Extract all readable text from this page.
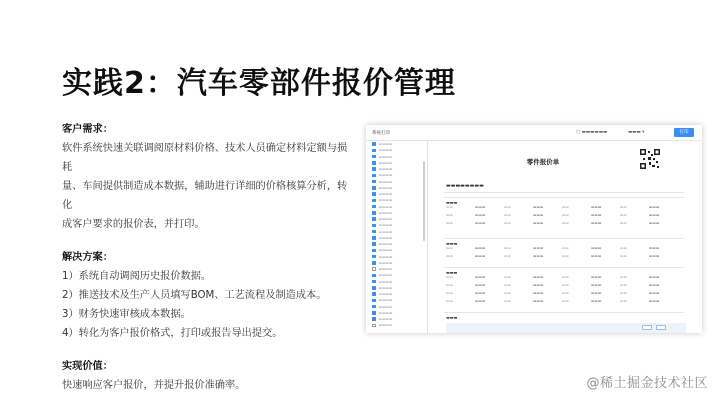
实践2：汽车零部件报价管理
客户需求：
软件系统快速关联调阅原材料价格、技术人员确定材料定额与损耗
量、车间提供制造成本数据，辅助进行详细的价格核算分析，转化
成客户要求的报价表，并打印。
解决方案：
1）系统自动调阅历史报价数据。
2）推送技术及生产人员填写BOM、工艺流程及制造成本。
3）财务快速审核成本数据。
4）转化为客户报价格式，打印或报告导出提交。
实现价值：
快速响应客户报价，并提升报价准确率。
系统打印	▢ ▬▬▬▬▬▬	▬▬▬ ▾	打印
▬▬▬▬
▬▬▬▬
▬▬▬▬
▬▬▬▬
▬▬▬▬
▬▬▬▬
▬▬▬▬
▬▬▬▬
▬▬▬▬
▬▬▬▬
▬▬▬▬
▬▬▬▬
▬▬▬▬
▬▬▬▬
▬▬▬▬
▬▬▬▬
▬▬▬▬
▬▬▬▬
▬▬▬▬
▬▬▬▬
▬▬▬▬
▬▬▬▬
▬▬▬▬
▬▬▬▬
▬▬▬▬
▬▬▬▬
▬▬▬▬
▬▬▬▬
▬▬▬▬
▬▬▬▬
零件报价单
▬▬▬▬▬▬▬▬
▬▬▬
▬▬	▬▬▬	▬▬	▬▬▬	▬▬	▬▬▬	▬▬	▬▬▬
▬▬	▬▬▬	▬▬	▬▬▬	▬▬	▬▬▬	▬▬	▬▬▬
▬▬	▬▬▬	▬▬	▬▬▬	▬▬	▬▬▬	▬▬	▬▬▬
▬▬▬
▬▬	▬▬▬	▬▬	▬▬▬	▬▬	▬▬▬	▬▬	▬▬▬
▬▬	▬▬▬	▬▬	▬▬▬	▬▬	▬▬▬	▬▬	▬▬▬
▬▬▬
▬▬	▬▬▬	▬▬	▬▬▬	▬▬	▬▬▬	▬▬	▬▬▬
▬▬	▬▬▬	▬▬	▬▬▬	▬▬	▬▬▬	▬▬	▬▬▬
▬▬	▬▬▬	▬▬	▬▬▬	▬▬	▬▬▬	▬▬	▬▬▬
▬▬	▬▬▬	▬▬	▬▬▬	▬▬	▬▬▬	▬▬	▬▬▬
▬▬▬
@稀土掘金技术社区
